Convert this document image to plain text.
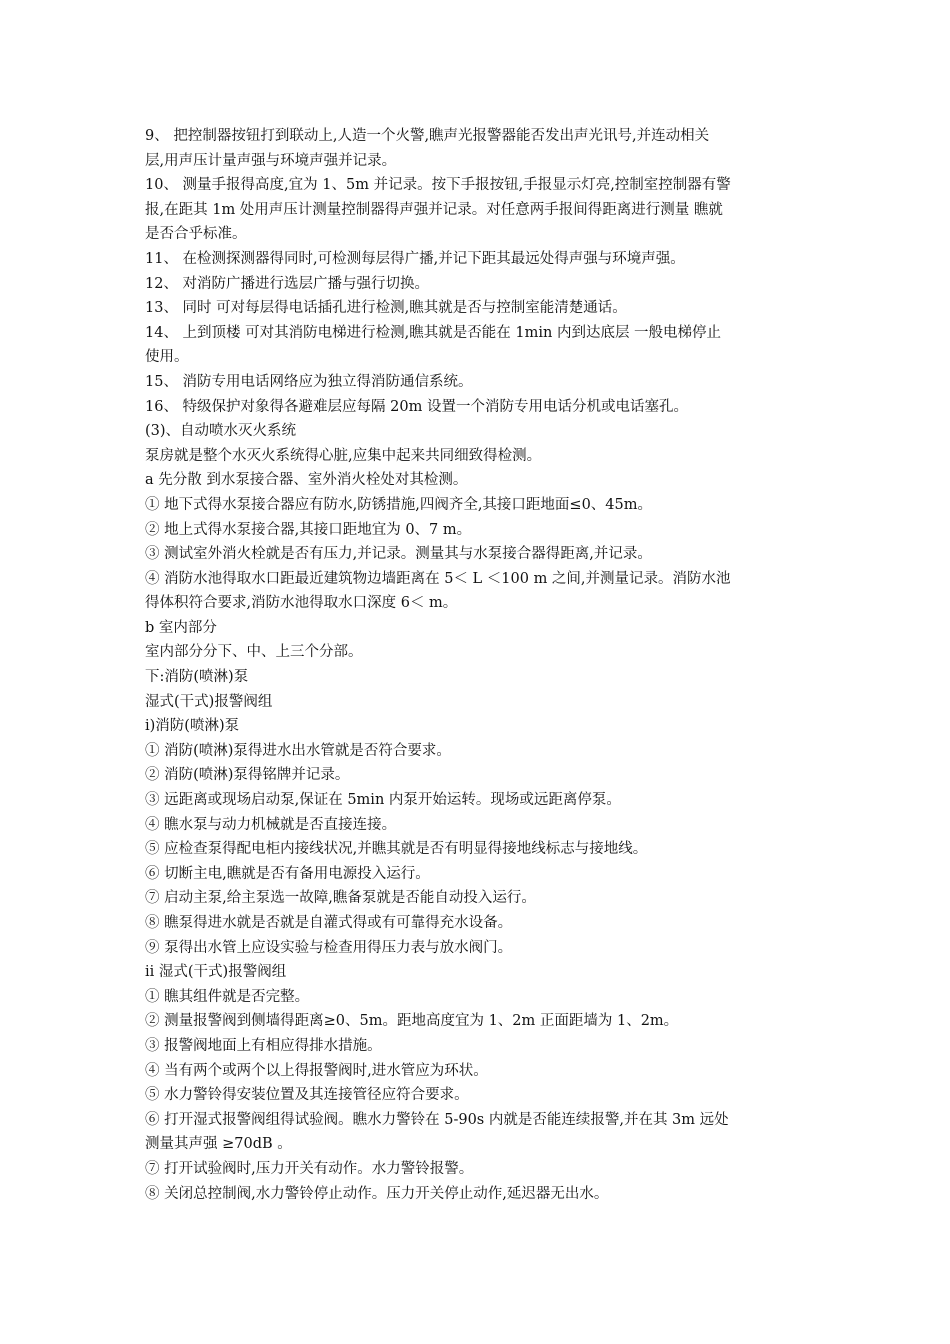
9、 把控制器按钮打到联动上,人造一个火警,瞧声光报警器能否发出声光讯号,并连动相关
层,用声压计量声强与环境声强并记录。
10、 测量手报得高度,宜为 1、5m 并记录。按下手报按钮,手报显示灯亮,控制室控制器有警
报,在距其 1m 处用声压计测量控制器得声强并记录。对任意两手报间得距离进行测量 瞧就
是否合乎标准。
11、 在检测探测器得同时,可检测每层得广播,并记下距其最远处得声强与环境声强。
12、 对消防广播进行选层广播与强行切换。
13、 同时 可对每层得电话插孔进行检测,瞧其就是否与控制室能清楚通话。
14、 上到顶楼 可对其消防电梯进行检测,瞧其就是否能在 1min 内到达底层 一般电梯停止
使用。
15、 消防专用电话网络应为独立得消防通信系统。
16、 特级保护对象得各避难层应每隔 20m 设置一个消防专用电话分机或电话塞孔。
(3)、自动喷水灭火系统
泵房就是整个水灭火系统得心脏,应集中起来共同细致得检测。
a 先分散 到水泵接合器、室外消火栓处对其检测。
① 地下式得水泵接合器应有防水,防锈措施,四阀齐全,其接口距地面≤0、45m。
② 地上式得水泵接合器,其接口距地宜为 0、7 m。
③ 测试室外消火栓就是否有压力,并记录。测量其与水泵接合器得距离,并记录。
④ 消防水池得取水口距最近建筑物边墙距离在 5＜ L ＜100 m 之间,并测量记录。消防水池
得体积符合要求,消防水池得取水口深度 6＜ m。
b 室内部分
室内部分分下、中、上三个分部。
下:消防(喷淋)泵
湿式(干式)报警阀组
i)消防(喷淋)泵
① 消防(喷淋)泵得进水出水管就是否符合要求。
② 消防(喷淋)泵得铭牌并记录。
③ 远距离或现场启动泵,保证在 5min 内泵开始运转。现场或远距离停泵。
④ 瞧水泵与动力机械就是否直接连接。
⑤ 应检查泵得配电柜内接线状况,并瞧其就是否有明显得接地线标志与接地线。
⑥ 切断主电,瞧就是否有备用电源投入运行。
⑦ 启动主泵,给主泵选一故障,瞧备泵就是否能自动投入运行。
⑧ 瞧泵得进水就是否就是自灌式得或有可靠得充水设备。
⑨ 泵得出水管上应设实验与检查用得压力表与放水阀门。
ii 湿式(干式)报警阀组
① 瞧其组件就是否完整。
② 测量报警阀到侧墙得距离≥0、5m。距地高度宜为 1、2m 正面距墙为 1、2m。
③ 报警阀地面上有相应得排水措施。
④ 当有两个或两个以上得报警阀时,进水管应为环状。
⑤ 水力警铃得安装位置及其连接管径应符合要求。
⑥ 打开湿式报警阀组得试验阀。瞧水力警铃在 5-90s 内就是否能连续报警,并在其 3m 远处
测量其声强 ≥70dB 。
⑦ 打开试验阀时,压力开关有动作。水力警铃报警。
⑧ 关闭总控制阀,水力警铃停止动作。压力开关停止动作,延迟器无出水。
